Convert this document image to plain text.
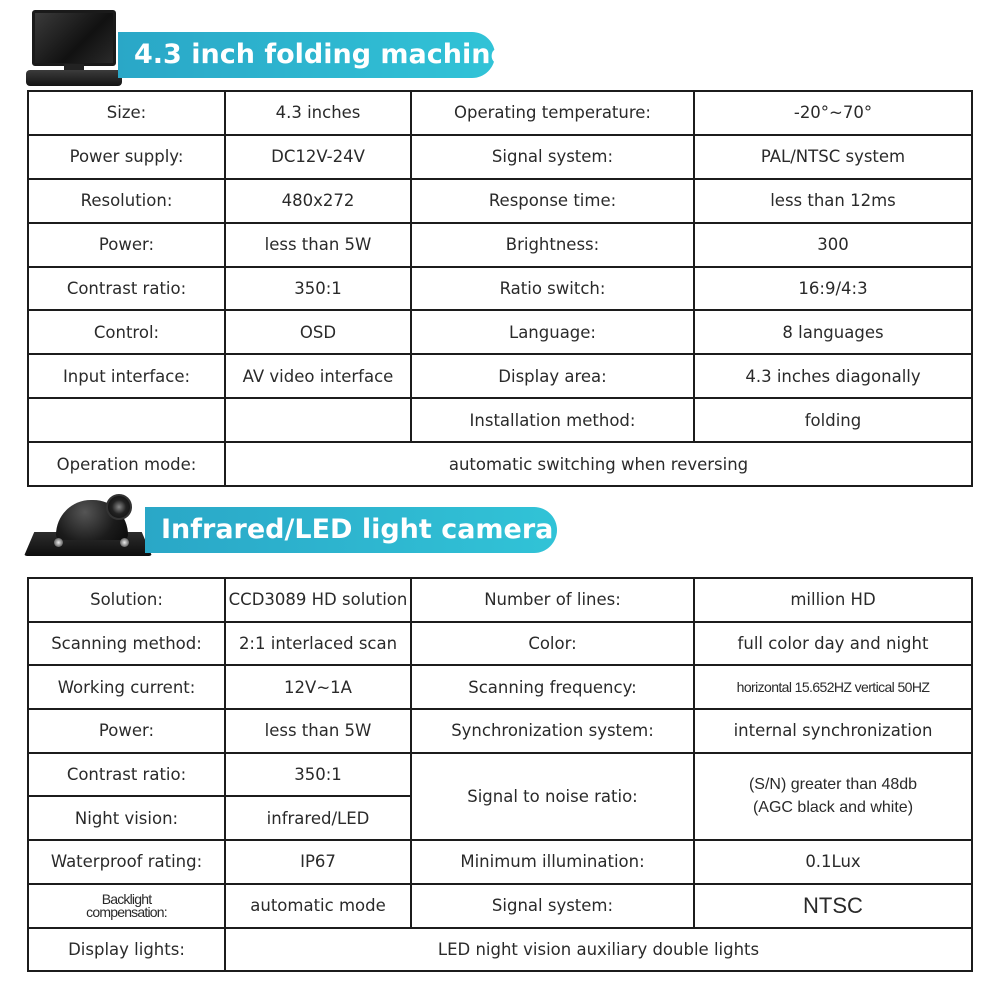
4.3 inch folding machine
Size:	4.3 inches	Operating temperature:	-20°~70°
Power supply:	DC12V-24V	Signal system:	PAL/NTSC system
Resolution:	480x272	Response time:	less than 12ms
Power:	less than 5W	Brightness:	300
Contrast ratio:	350:1	Ratio switch:	16:9/4:3
Control:	OSD	Language:	8 languages
Input interface:	AV video interface	Display area:	4.3 inches diagonally
		Installation method:	folding
Operation mode:	automatic switching when reversing		
Infrared/LED light camera
Solution:	CCD3089 HD solution	Number of lines:	million HD
Scanning method:	2:1 interlaced scan	Color:	full color day and night
Working current:	12V~1A	Scanning frequency:	horizontal 15.652HZ vertical 50HZ
Power:	less than 5W	Synchronization system:	internal synchronization
Contrast ratio:	350:1	Signal to noise ratio:	(S/N) greater than 48db
(AGC black and white)

Night vision:	infrared/LED		
Waterproof rating:	IP67	Minimum illumination:	0.1Lux

Backlight
compensation:	automatic mode	Signal system:	NTSC
Display lights:	LED night vision auxiliary double lights		
